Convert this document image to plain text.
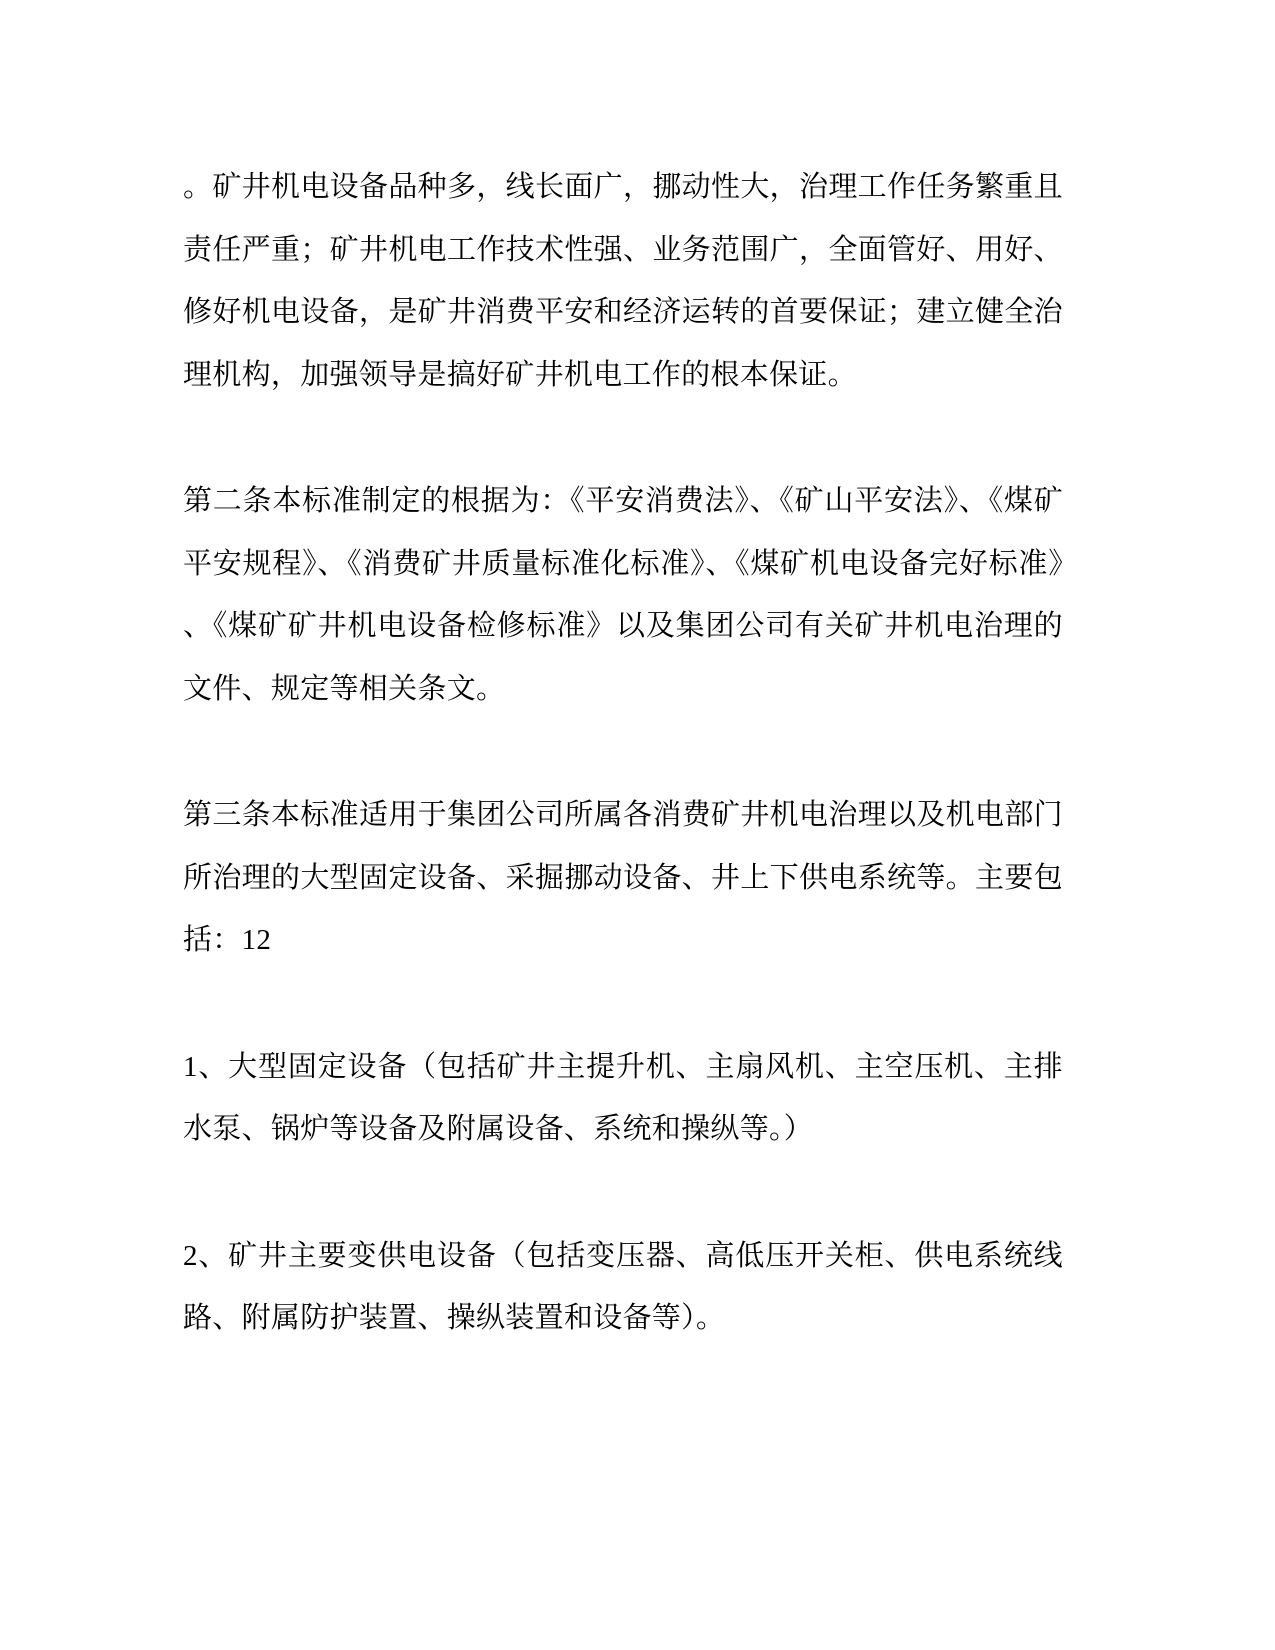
。矿井机电设备品种多，线长面广，挪动性大，治理工作任务繁重且责任严重；矿井机电工作技术性强、业务范围广，全面管好、用好、修好机电设备，是矿井消费平安和经济运转的首要保证；建立健全治理机构，加强领导是搞好矿井机电工作的根本保证。

第二条本标准制定的根据为：《平安消费法》、《矿山平安法》、《煤矿平安规程》、《消费矿井质量标准化标准》、《煤矿机电设备完好标准》、《煤矿矿井机电设备检修标准》以及集团公司有关矿井机电治理的文件、规定等相关条文。

第三条本标准适用于集团公司所属各消费矿井机电治理以及机电部门所治理的大型固定设备、采掘挪动设备、井上下供电系统等。主要包括：12

1、大型固定设备（包括矿井主提升机、主扇风机、主空压机、主排水泵、锅炉等设备及附属设备、系统和操纵等。）

2、矿井主要变供电设备（包括变压器、高低压开关柜、供电系统线路、附属防护装置、操纵装置和设备等）。
